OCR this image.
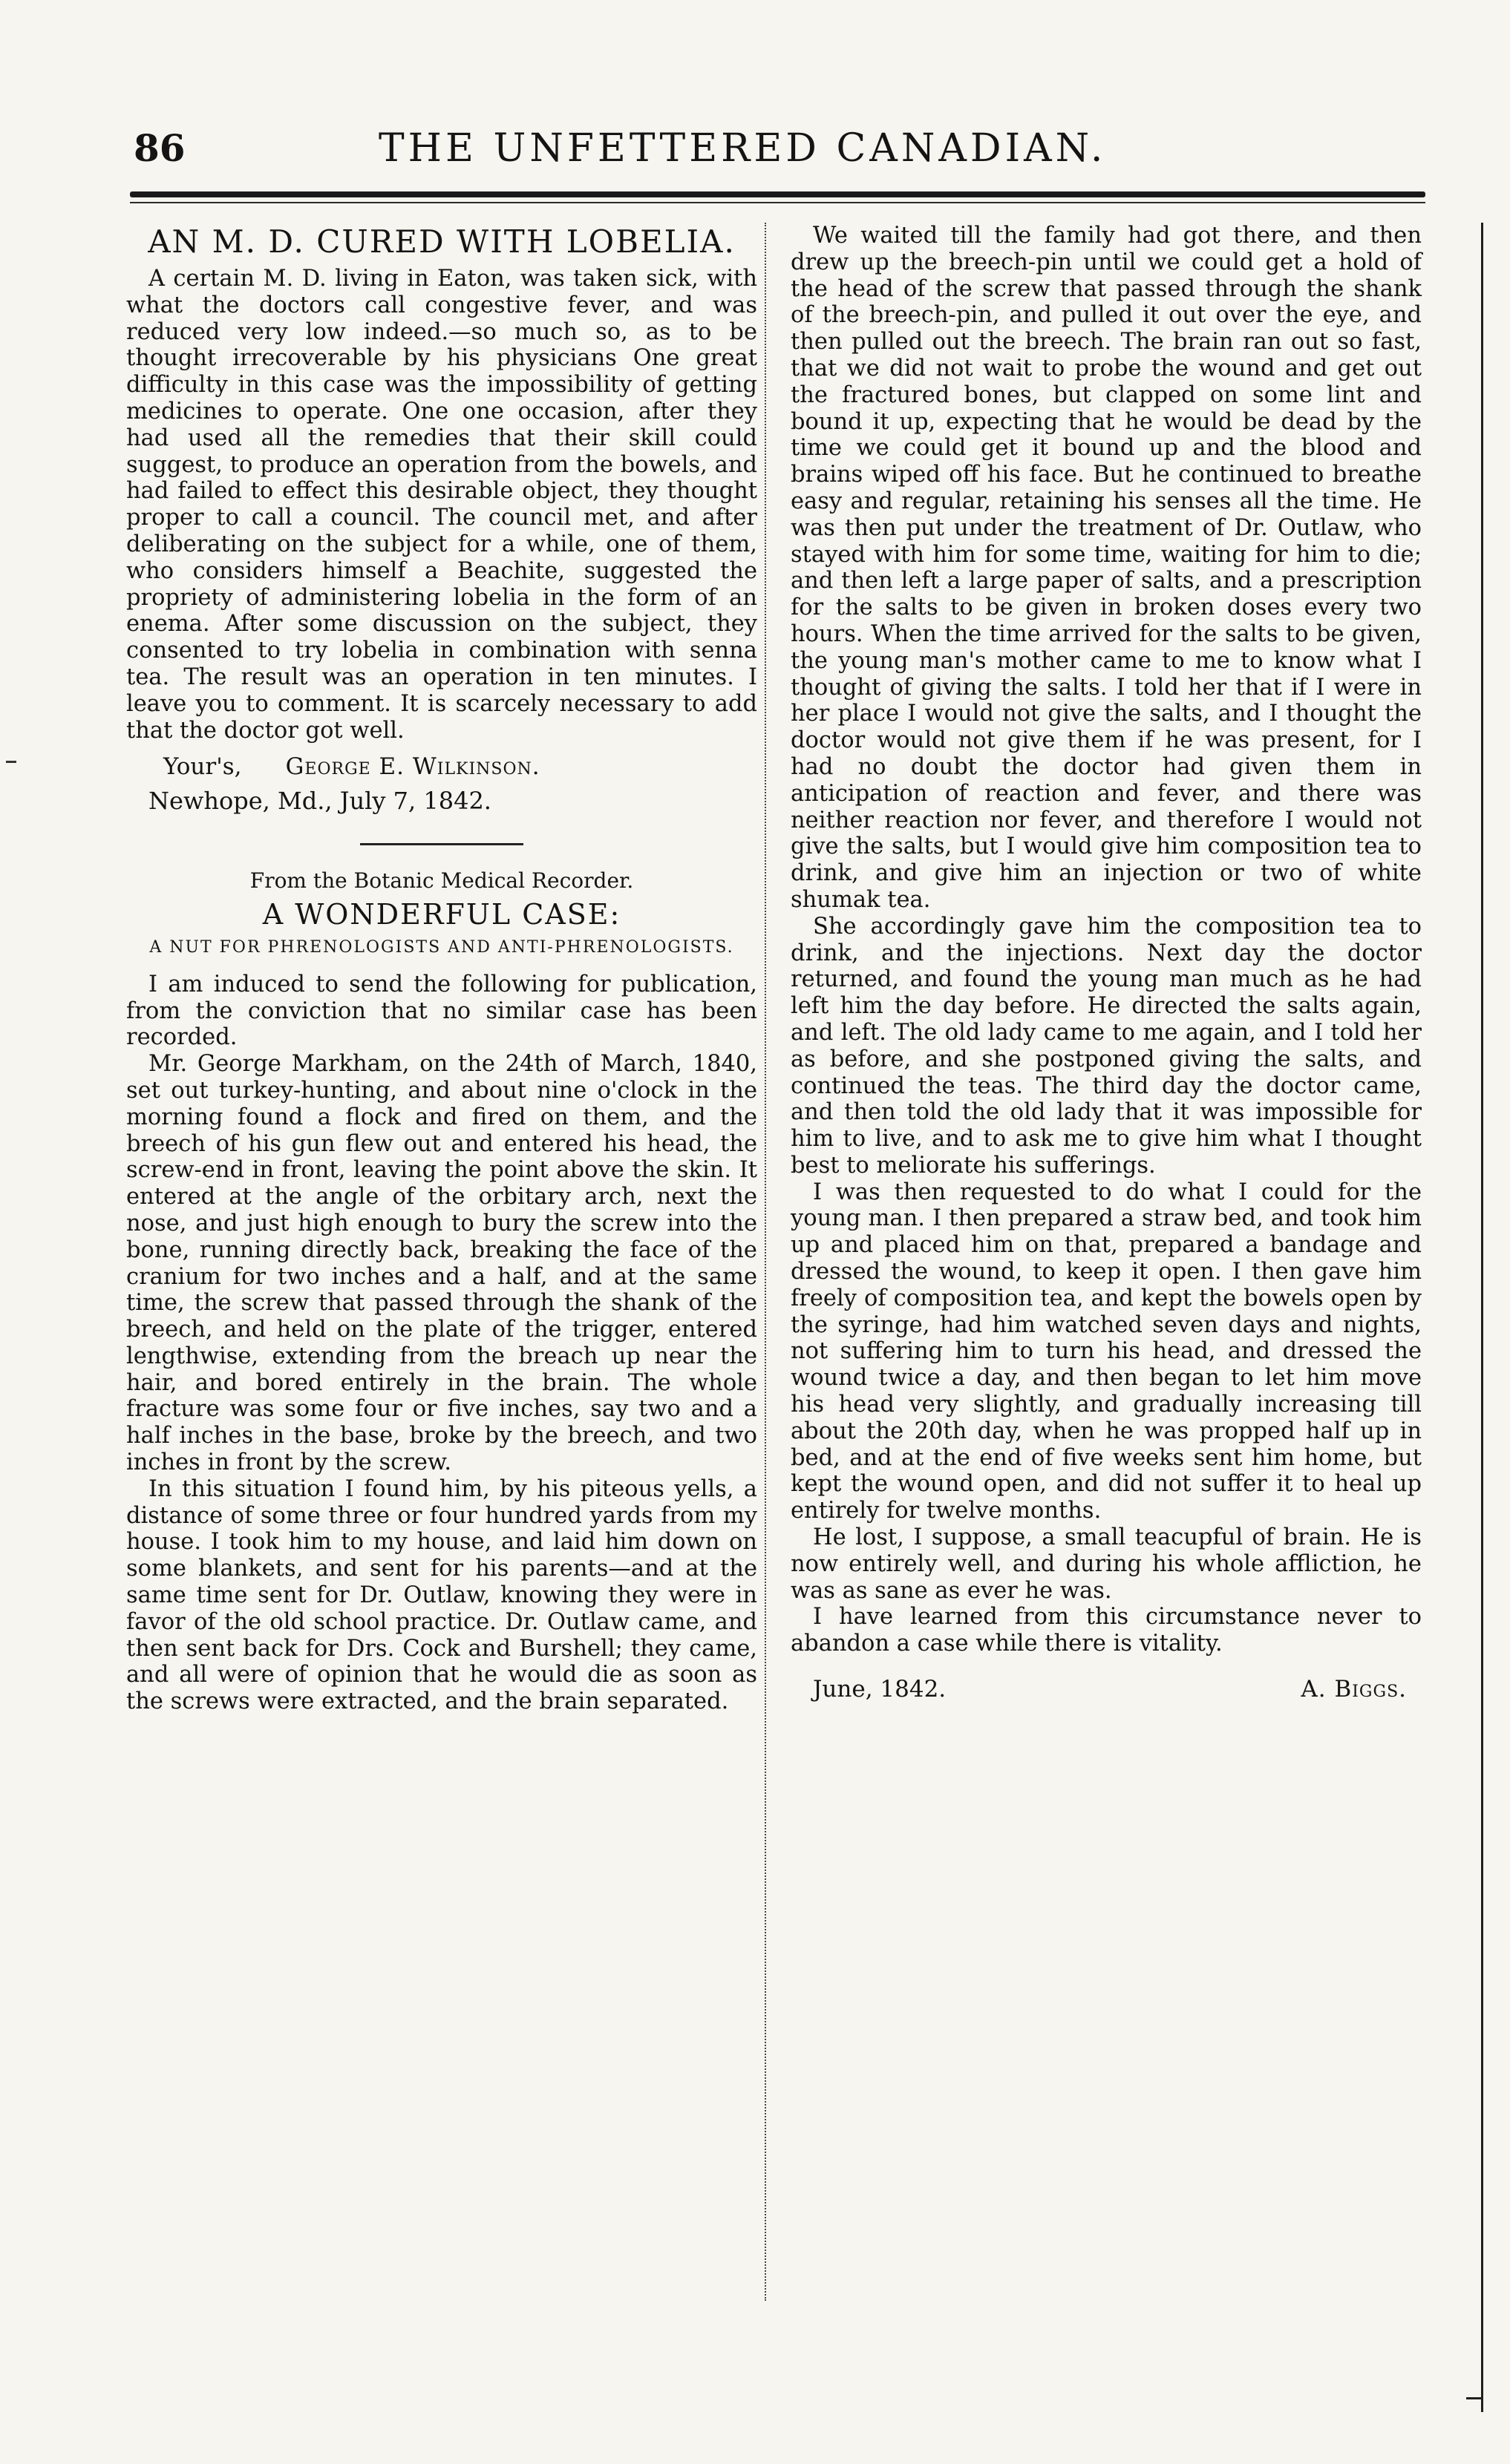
86	THE UNFETTERED CANADIAN.
AN M. D. CURED WITH LOBELIA.

A certain M. D. living in Eaton, was taken sick, with what the doctors call congestive fever, and was reduced very low indeed.—so much so, as to be thought irrecoverable by his physicians One great difficulty in this case was the impossibility of getting medicines to operate. One one occasion, after they had used all the remedies that their skill could suggest, to produce an operation from the bowels, and had failed to effect this desirable object, they thought proper to call a council. The council met, and after deliberating on the subject for a while, one of them, who considers himself a Beachite, suggested the propriety of administering lobelia in the form of an enema. After some discussion on the subject, they consented to try lobelia in combination with senna tea. The result was an operation in ten minutes. I leave you to comment. It is scarcely necessary to add that the doctor got well.

Your's, George E. Wilkinson.
Newhope, Md., July 7, 1842.
From the Botanic Medical Recorder.
A WONDERFUL CASE:
A NUT FOR PHRENOLOGISTS AND ANTI-PHRENOLOGISTS.

I am induced to send the following for publication, from the conviction that no similar case has been recorded.

Mr. George Markham, on the 24th of March, 1840, set out turkey-hunting, and about nine o'clock in the morning found a flock and fired on them, and the breech of his gun flew out and entered his head, the screw-end in front, leaving the point above the skin. It entered at the angle of the orbitary arch, next the nose, and just high enough to bury the screw into the bone, running directly back, breaking the face of the cranium for two inches and a half, and at the same time, the screw that passed through the shank of the breech, and held on the plate of the trigger, entered lengthwise, extending from the breach up near the hair, and bored entirely in the brain. The whole fracture was some four or five inches, say two and a half inches in the base, broke by the breech, and two inches in front by the screw.

In this situation I found him, by his piteous yells, a distance of some three or four hundred yards from my house. I took him to my house, and laid him down on some blankets, and sent for his parents—and at the same time sent for Dr. Outlaw, knowing they were in favor of the old school practice. Dr. Outlaw came, and then sent back for Drs. Cock and Burshell; they came, and all were of opinion that he would die as soon as the screws were extracted, and the brain separated.

We waited till the family had got there, and then drew up the breech-pin until we could get a hold of the head of the screw that passed through the shank of the breech-pin, and pulled it out over the eye, and then pulled out the breech. The brain ran out so fast, that we did not wait to probe the wound and get out the fractured bones, but clapped on some lint and bound it up, expecting that he would be dead by the time we could get it bound up and the blood and brains wiped off his face. But he continued to breathe easy and regular, retaining his senses all the time. He was then put under the treatment of Dr. Outlaw, who stayed with him for some time, waiting for him to die; and then left a large paper of salts, and a prescription for the salts to be given in broken doses every two hours. When the time arrived for the salts to be given, the young man's mother came to me to know what I thought of giving the salts. I told her that if I were in her place I would not give the salts, and I thought the doctor would not give them if he was present, for I had no doubt the doctor had given them in anticipation of reaction and fever, and there was neither reaction nor fever, and therefore I would not give the salts, but I would give him composition tea to drink, and give him an injection or two of white shumak tea.

She accordingly gave him the composition tea to drink, and the injections. Next day the doctor returned, and found the young man much as he had left him the day before. He directed the salts again, and left. The old lady came to me again, and I told her as before, and she postponed giving the salts, and continued the teas. The third day the doctor came, and then told the old lady that it was impossible for him to live, and to ask me to give him what I thought best to meliorate his sufferings.

I was then requested to do what I could for the young man. I then prepared a straw bed, and took him up and placed him on that, prepared a bandage and dressed the wound, to keep it open. I then gave him freely of composition tea, and kept the bowels open by the syringe, had him watched seven days and nights, not suffering him to turn his head, and dressed the wound twice a day, and then began to let him move his head very slightly, and gradually increasing till about the 20th day, when he was propped half up in bed, and at the end of five weeks sent him home, but kept the wound open, and did not suffer it to heal up entirely for twelve months.

He lost, I suppose, a small teacupful of brain. He is now entirely well, and during his whole affliction, he was as sane as ever he was.

I have learned from this circumstance never to abandon a case while there is vitality.

June, 1842.	A. Biggs.
